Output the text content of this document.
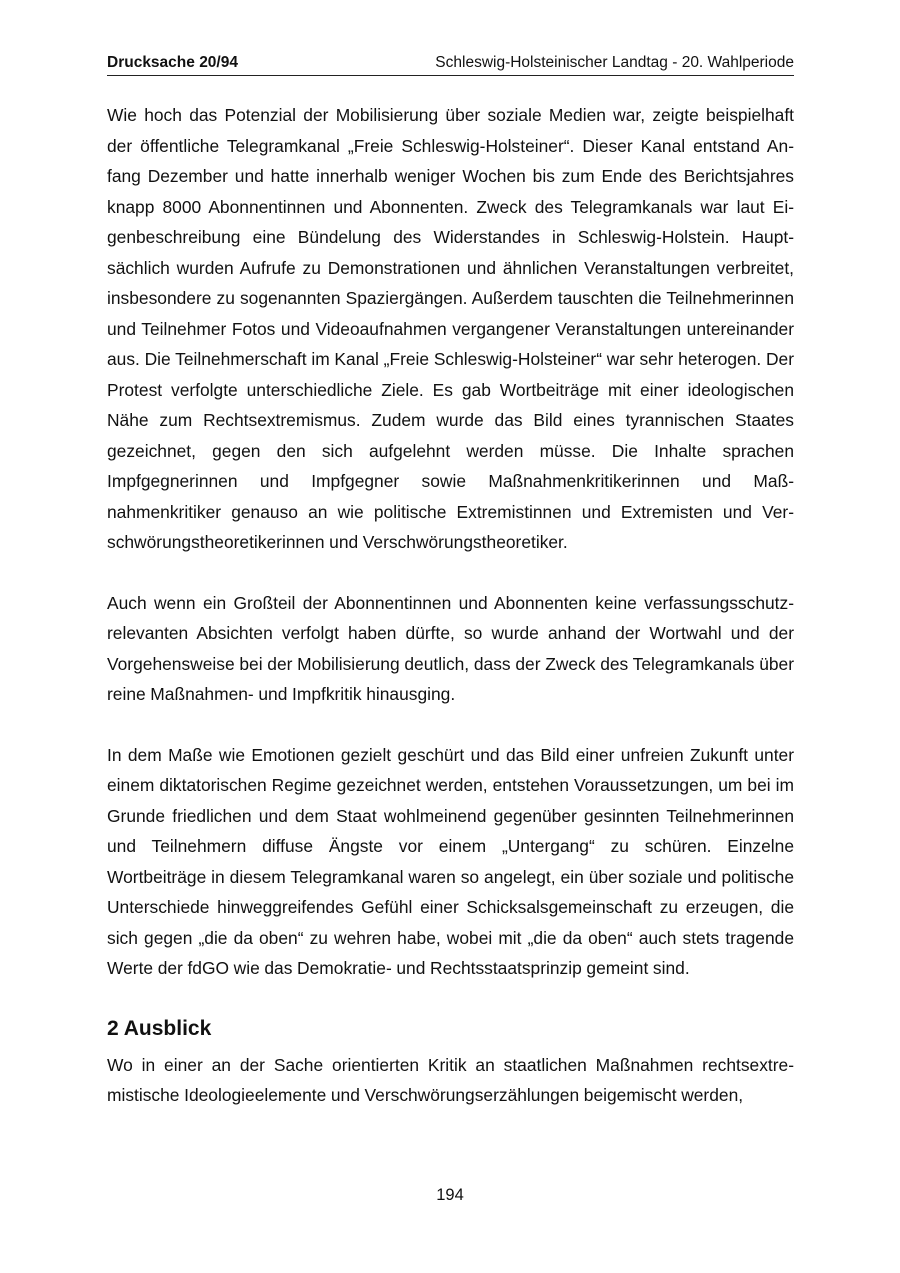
Drucksache 20/94	Schleswig-Holsteinischer Landtag - 20. Wahlperiode

Wie hoch das Potenzial der Mobilisierung über soziale Medien war, zeigte beispielhaft der öffentliche Telegramkanal „Freie Schleswig-Holsteiner“. Dieser Kanal entstand Anfang Dezember und hatte innerhalb weniger Wochen bis zum Ende des Berichtsjahres knapp 8000 Abonnentinnen und Abonnenten. Zweck des Telegramkanals war laut Eigenbeschreibung eine Bündelung des Widerstandes in Schleswig-Holstein. Hauptsächlich wurden Aufrufe zu Demonstrationen und ähnlichen Veranstaltungen verbreitet, insbesondere zu sogenannten Spaziergängen. Außerdem tauschten die Teilnehmerinnen und Teilnehmer Fotos und Videoaufnahmen vergangener Veranstaltungen untereinander aus. Die Teilnehmerschaft im Kanal „Freie Schleswig-Holsteiner“ war sehr heterogen. Der Protest verfolgte unterschiedliche Ziele. Es gab Wortbeiträge mit einer ideologischen Nähe zum Rechtsextremismus. Zudem wurde das Bild eines tyrannischen Staates gezeichnet, gegen den sich aufgelehnt werden müsse. Die Inhalte sprachen Impfgegnerinnen und Impfgegner sowie Maßnahmenkritikerinnen und Maßnahmenkritiker genauso an wie politische Extremistinnen und Extremisten und Verschwörungstheoretikerinnen und Verschwörungstheoretiker.

Auch wenn ein Großteil der Abonnentinnen und Abonnenten keine verfassungsschutzrelevanten Absichten verfolgt haben dürfte, so wurde anhand der Wortwahl und der Vorgehensweise bei der Mobilisierung deutlich, dass der Zweck des Telegramkanals über reine Maßnahmen- und Impfkritik hinausging.

In dem Maße wie Emotionen gezielt geschürt und das Bild einer unfreien Zukunft unter einem diktatorischen Regime gezeichnet werden, entstehen Voraussetzungen, um bei im Grunde friedlichen und dem Staat wohlmeinend gegenüber gesinnten Teilnehmerinnen und Teilnehmern diffuse Ängste vor einem „Untergang“ zu schüren. Einzelne Wortbeiträge in diesem Telegramkanal waren so angelegt, ein über soziale und politische Unterschiede hinweggreifendes Gefühl einer Schicksalsgemeinschaft zu erzeugen, die sich gegen „die da oben“ zu wehren habe, wobei mit „die da oben“ auch stets tragende Werte der fdGO wie das Demokratie- und Rechtsstaatsprinzip gemeint sind.

2 Ausblick

Wo in einer an der Sache orientierten Kritik an staatlichen Maßnahmen rechtsextremistische Ideologieelemente und Verschwörungserzählungen beigemischt werden,

194
